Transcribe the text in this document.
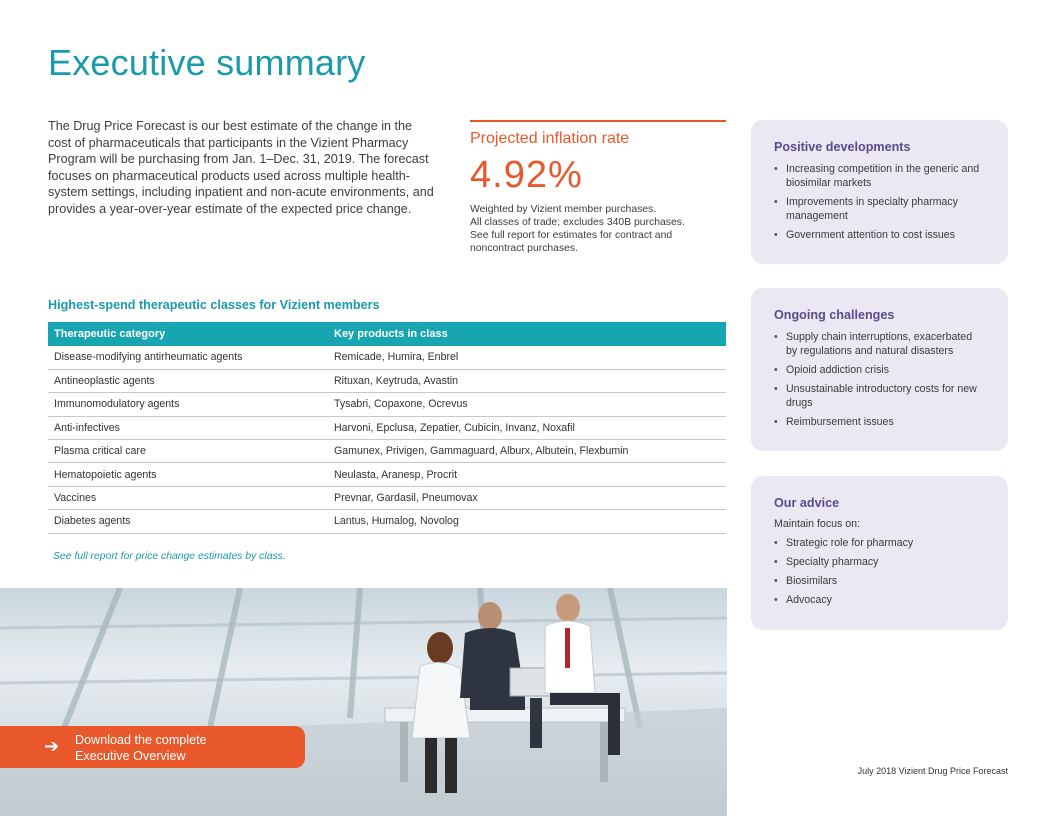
Executive summary

The Drug Price Forecast is our best estimate of the change in the cost of pharmaceuticals that participants in the Vizient Pharmacy Program will be purchasing from Jan. 1–Dec. 31, 2019. The forecast focuses on pharmaceutical products used across multiple health-system settings, including inpatient and non-acute environments, and provides a year-over-year estimate of the expected price change.

Projected inflation rate
4.92%
Weighted by Vizient member purchases.
All classes of trade; excludes 340B purchases.
See full report for estimates for contract and
noncontract purchases.
Highest-spend therapeutic classes for Vizient members
Therapeutic category	Key products in class
Disease-modifying antirheumatic agents	Remicade, Humira, Enbrel
Antineoplastic agents	Rituxan, Keytruda, Avastin
Immunomodulatory agents	Tysabri, Copaxone, Ocrevus
Anti-infectives	Harvoni, Epclusa, Zepatier, Cubicin, Invanz, Noxafil
Plasma critical care	Gamunex, Privigen, Gammaguard, Alburx, Albutein, Flexbumin
Hematopoietic agents	Neulasta, Aranesp, Procrit
Vaccines	Prevnar, Gardasil, Pneumovax
Diabetes agents	Lantus, Humalog, Novolog
See full report for price change estimates by class.
➔ Download the complete
Executive Overview
Positive developments
• Increasing competition in the generic and biosimilar markets
• Improvements in specialty pharmacy management
• Government attention to cost issues
Ongoing challenges
• Supply chain interruptions, exacerbated by regulations and natural disasters
• Opioid addiction crisis
• Unsustainable introductory costs for new drugs
• Reimbursement issues
Our advice
Maintain focus on:
• Strategic role for pharmacy
• Specialty pharmacy
• Biosimilars
• Advocacy
July 2018 Vizient Drug Price Forecast
